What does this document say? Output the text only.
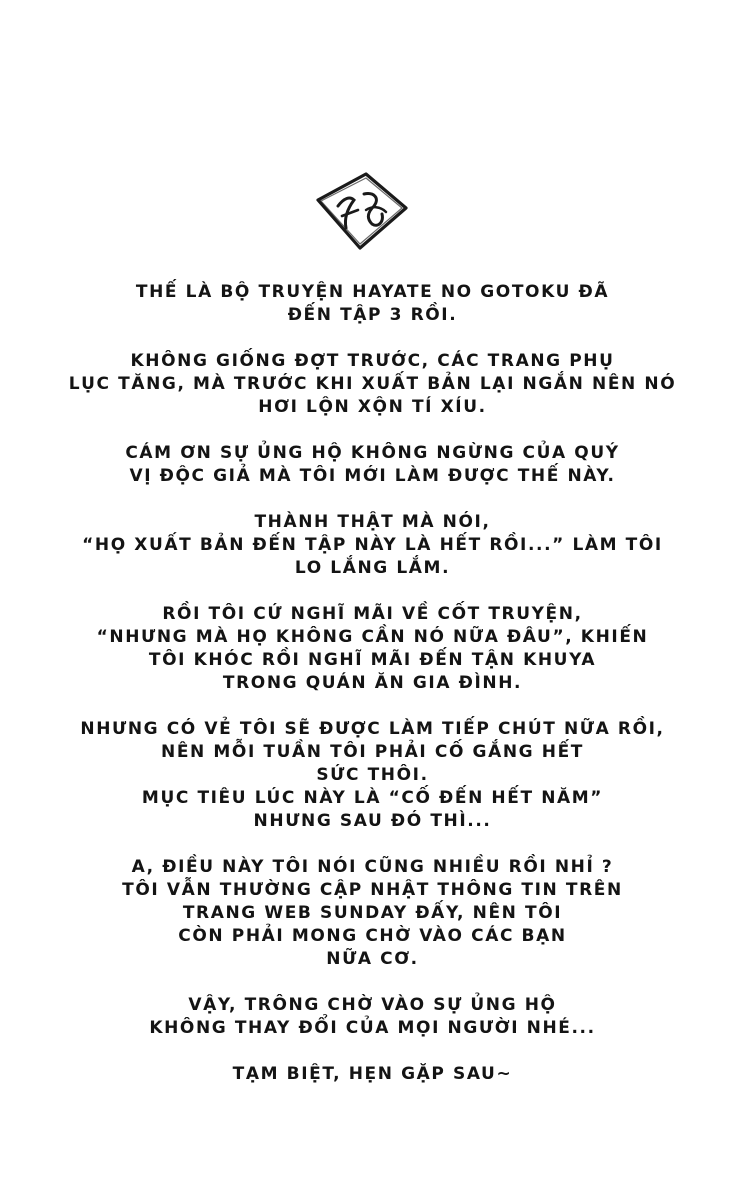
THẾ LÀ BỘ TRUYỆN HAYATE NO GOTOKU ĐÃ
ĐẾN TẬP 3 RỒI.

KHÔNG GIỐNG ĐỢT TRƯỚC, CÁC TRANG PHỤ
LỤC TĂNG, MÀ TRƯỚC KHI XUẤT BẢN LẠI NGẮN NÊN NÓ
HƠI LỘN XỘN TÍ XÍU.

CÁM ƠN SỰ ỦNG HỘ KHÔNG NGỪNG CỦA QUÝ
VỊ ĐỘC GIẢ MÀ TÔI MỚI LÀM ĐƯỢC THẾ NÀY.

THÀNH THẬT MÀ NÓI,
“HỌ XUẤT BẢN ĐẾN TẬP NÀY LÀ HẾT RỒI...” LÀM TÔI
LO LẮNG LẮM.

RỒI TÔI CỨ NGHĨ MÃI VỀ CỐT TRUYỆN,
“NHƯNG MÀ HỌ KHÔNG CẦN NÓ NỮA ĐÂU”, KHIẾN
TÔI KHÓC RỒI NGHĨ MÃI ĐẾN TẬN KHUYA
TRONG QUÁN ĂN GIA ĐÌNH.

NHƯNG CÓ VẺ TÔI SẼ ĐƯỢC LÀM TIẾP CHÚT NỮA RỒI,
NÊN MỖI TUẦN TÔI PHẢI CỐ GẮNG HẾT
SỨC THÔI.
MỤC TIÊU LÚC NÀY LÀ “CỐ ĐẾN HẾT NĂM”
NHƯNG SAU ĐÓ THÌ...

A, ĐIỀU NÀY TÔI NÓI CŨNG NHIỀU RỒI NHỈ ?
TÔI VẪN THƯỜNG CẬP NHẬT THÔNG TIN TRÊN
TRANG WEB SUNDAY ĐẤY, NÊN TÔI
CÒN PHẢI MONG CHỜ VÀO CÁC BẠN
NỮA CƠ.

VẬY, TRÔNG CHỜ VÀO SỰ ỦNG HỘ
KHÔNG THAY ĐỔI CỦA MỌI NGƯỜI NHÉ...

TẠM BIỆT, HẸN GẶP SAU~
